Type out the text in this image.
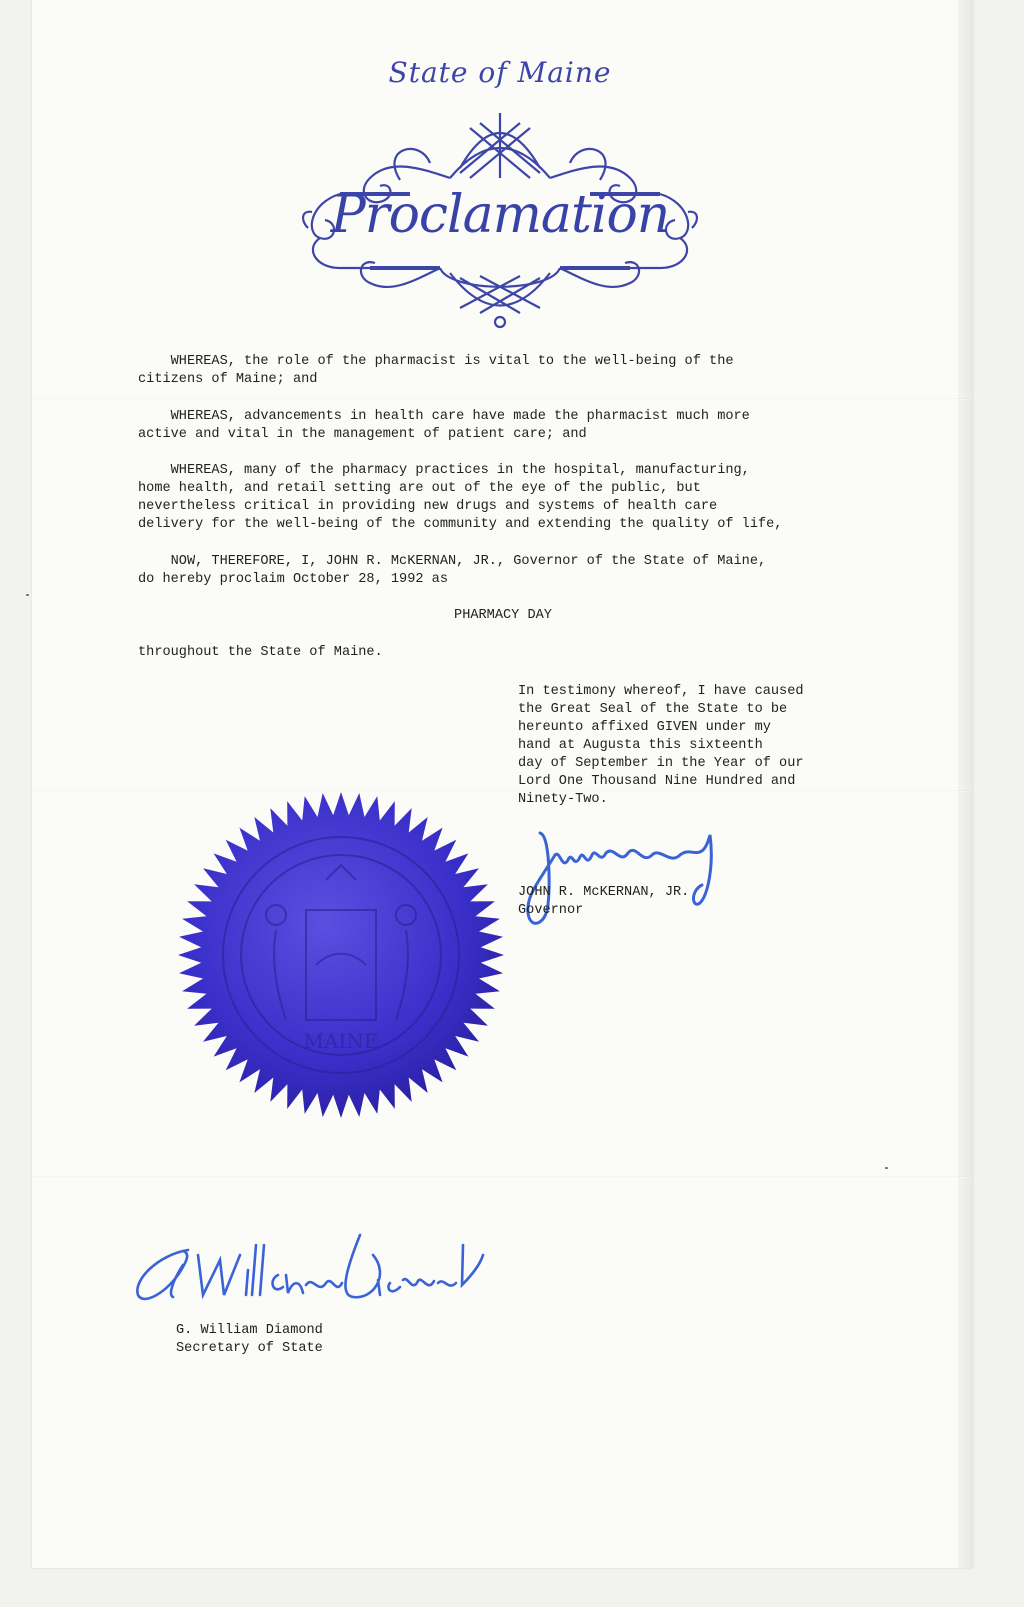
State of Maine
Proclamation
WHEREAS, the role of the pharmacist is vital to the well-being of the
citizens of Maine; and
WHEREAS, advancements in health care have made the pharmacist much more
active and vital in the management of patient care; and
WHEREAS, many of the pharmacy practices in the hospital, manufacturing,
home health, and retail setting are out of the eye of the public, but
nevertheless critical in providing new drugs and systems of health care
delivery for the well-being of the community and extending the quality of life,
NOW, THEREFORE, I, JOHN R. McKERNAN, JR., Governor of the State of Maine,
do hereby proclaim October 28, 1992 as
PHARMACY DAY
throughout the State of Maine.
In testimony whereof, I have caused
the Great Seal of the State to be
hereunto affixed GIVEN under my
hand at Augusta this sixteenth
day of September in the Year of our
Lord One Thousand Nine Hundred and
Ninety-Two.
MAINE
JOHN R. McKERNAN, JR.
Governor
G. William Diamond
Secretary of State
